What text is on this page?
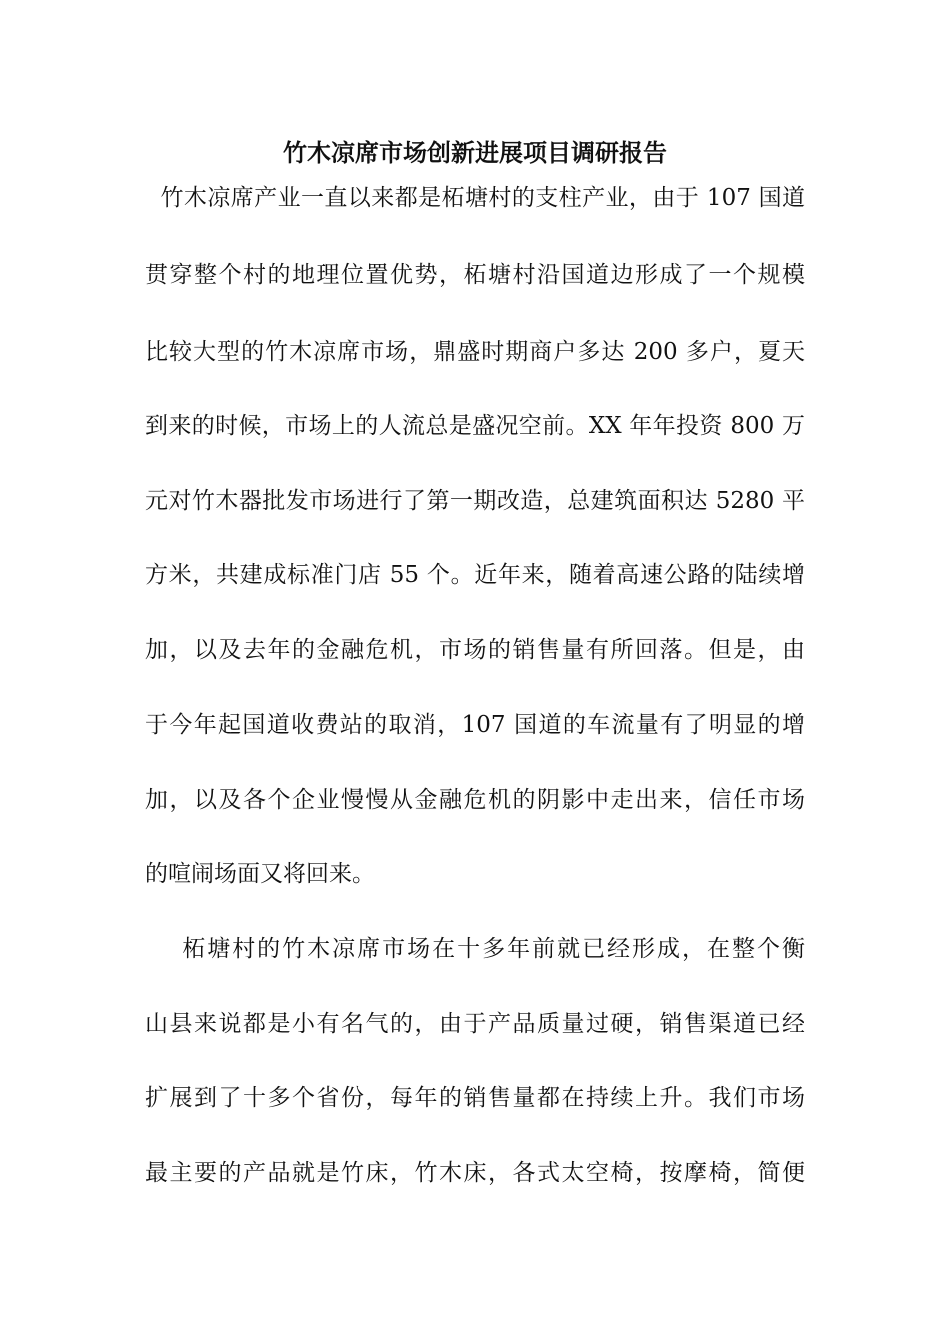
竹木凉席市场创新进展项目调研报告

竹木凉席产业一直以来都是柘塘村的支柱产业，由于 107 国道

贯穿整个村的地理位置优势，柘塘村沿国道边形成了一个规模

比较大型的竹木凉席市场，鼎盛时期商户多达 200 多户，夏天

到来的时候，市场上的人流总是盛况空前。XX 年年投资 800 万

元对竹木器批发市场进行了第一期改造，总建筑面积达 5280 平

方米，共建成标准门店 55 个。近年来，随着高速公路的陆续增

加，以及去年的金融危机，市场的销售量有所回落。但是，由

于今年起国道收费站的取消，107 国道的车流量有了明显的增

加，以及各个企业慢慢从金融危机的阴影中走出来，信任市场

的喧闹场面又将回来。

柘塘村的竹木凉席市场在十多年前就已经形成，在整个衡

山县来说都是小有名气的，由于产品质量过硬，销售渠道已经

扩展到了十多个省份，每年的销售量都在持续上升。我们市场

最主要的产品就是竹床，竹木床，各式太空椅，按摩椅，简便
